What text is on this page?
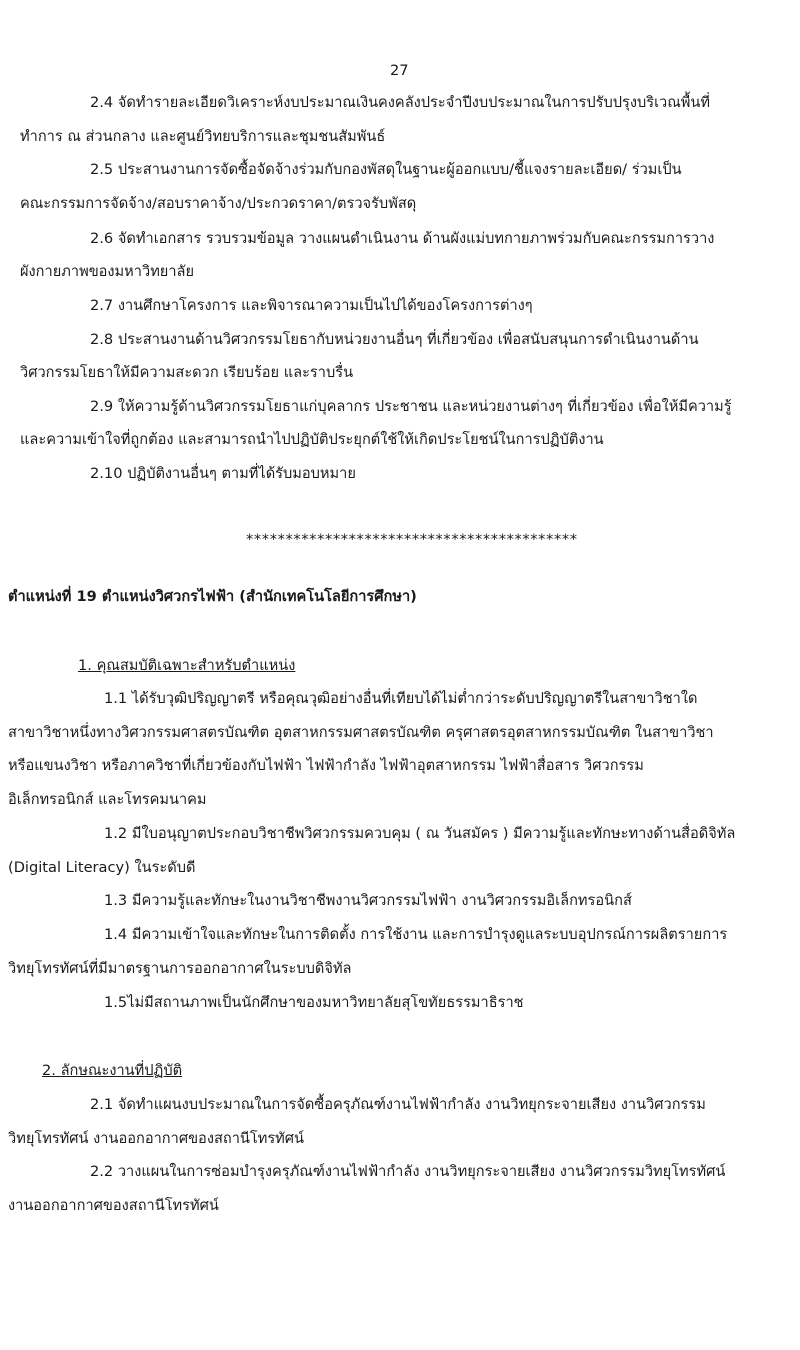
27
2.4 จัดทำรายละเอียดวิเคราะห์งบประมาณเงินคงคลังประจำปีงบประมาณในการปรับปรุงบริเวณพื้นที่
ทำการ ณ ส่วนกลาง และศูนย์วิทยบริการและชุมชนสัมพันธ์
2.5 ประสานงานการจัดซื้อจัดจ้างร่วมกับกองพัสดุในฐานะผู้ออกแบบ/ชี้แจงรายละเอียด/ ร่วมเป็น
คณะกรรมการจัดจ้าง/สอบราคาจ้าง/ประกวดราคา/ตรวจรับพัสดุ
2.6 จัดทำเอกสาร รวบรวมข้อมูล วางแผนดำเนินงาน ด้านผังแม่บทกายภาพร่วมกับคณะกรรมการวาง
ผังกายภาพของมหาวิทยาลัย
2.7 งานศึกษาโครงการ และพิจารณาความเป็นไปได้ของโครงการต่างๆ
2.8 ประสานงานด้านวิศวกรรมโยธากับหน่วยงานอื่นๆ ที่เกี่ยวข้อง เพื่อสนับสนุนการดำเนินงานด้าน
วิศวกรรมโยธาให้มีความสะดวก เรียบร้อย และราบรื่น
2.9 ให้ความรู้ด้านวิศวกรรมโยธาแก่บุคลากร ประชาชน และหน่วยงานต่างๆ ที่เกี่ยวข้อง เพื่อให้มีความรู้
และความเข้าใจที่ถูกต้อง และสามารถนำไปปฏิบัติประยุกต์ใช้ให้เกิดประโยชน์ในการปฏิบัติงาน
2.10 ปฏิบัติงานอื่นๆ ตามที่ได้รับมอบหมาย
******************************************
ตำแหน่งที่ 19 ตำแหน่งวิศวกรไฟฟ้า (สำนักเทคโนโลยีการศึกษา)
1. คุณสมบัติเฉพาะสำหรับตำแหน่ง
1.1 ได้รับวุฒิปริญญาตรี หรือคุณวุฒิอย่างอื่นที่เทียบได้ไม่ต่ำกว่าระดับปริญญาตรีในสาขาวิชาใด
สาขาวิชาหนึ่งทางวิศวกรรมศาสตรบัณฑิต อุตสาหกรรมศาสตรบัณฑิต ครุศาสตรอุตสาหกรรมบัณฑิต ในสาขาวิชา
หรือแขนงวิชา หรือภาควิชาที่เกี่ยวข้องกับไฟฟ้า ไฟฟ้ากำลัง ไฟฟ้าอุตสาหกรรม ไฟฟ้าสื่อสาร วิศวกรรม
อิเล็กทรอนิกส์ และโทรคมนาคม
1.2 มีใบอนุญาตประกอบวิชาชีพวิศวกรรมควบคุม ( ณ วันสมัคร ) มีความรู้และทักษะทางด้านสื่อดิจิทัล
(Digital Literacy) ในระดับดี
1.3 มีความรู้และทักษะในงานวิชาชีพงานวิศวกรรมไฟฟ้า งานวิศวกรรมอิเล็กทรอนิกส์
1.4 มีความเข้าใจและทักษะในการติดตั้ง การใช้งาน และการบำรุงดูแลระบบอุปกรณ์การผลิตรายการ
วิทยุโทรทัศน์ที่มีมาตรฐานการออกอากาศในระบบดิจิทัล
1.5ไม่มีสถานภาพเป็นนักศึกษาของมหาวิทยาลัยสุโขทัยธรรมาธิราช
2. ลักษณะงานที่ปฏิบัติ
2.1 จัดทำแผนงบประมาณในการจัดซื้อครุภัณฑ์งานไฟฟ้ากำลัง งานวิทยุกระจายเสียง งานวิศวกรรม
วิทยุโทรทัศน์ งานออกอากาศของสถานีโทรทัศน์
2.2 วางแผนในการซ่อมบำรุงครุภัณฑ์งานไฟฟ้ากำลัง งานวิทยุกระจายเสียง งานวิศวกรรมวิทยุโทรทัศน์
งานออกอากาศของสถานีโทรทัศน์
